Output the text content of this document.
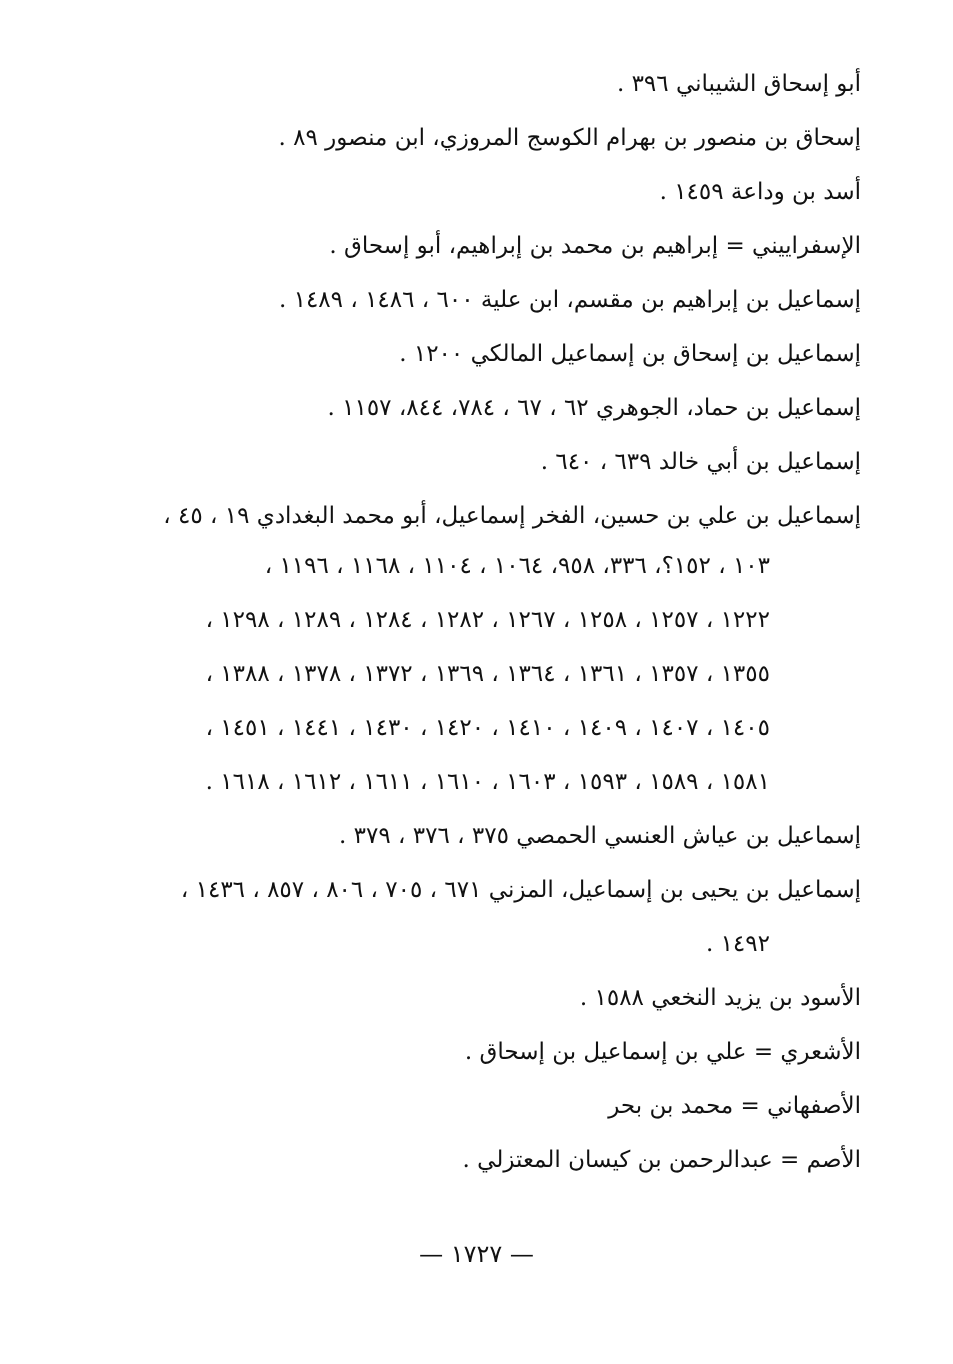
أبو إسحاق الشيباني ٣٩٦ .
إسحاق بن منصور بن بهرام الكوسج المروزي، ابن منصور ٨٩ .
أسد بن وداعة ١٤٥٩ .
الإسفراييني = إبراهيم بن محمد بن إبراهيم، أبو إسحاق .
إسماعيل بن إبراهيم بن مقسم، ابن علية ٦٠٠ ، ١٤٨٦ ، ١٤٨٩ .
إسماعيل بن إسحاق بن إسماعيل المالكي ١٢٠٠ .
إسماعيل بن حماد، الجوهري ٦٢ ، ٦٧ ، ٧٨٤، ٨٤٤، ١١٥٧ .
إسماعيل بن أبي خالد ٦٣٩ ، ٦٤٠ .
إسماعيل بن علي بن حسين، الفخر إسماعيل، أبو محمد البغدادي ١٩ ، ٤٥ ،
١٠٣ ، ١٥٢؟، ٣٣٦، ٩٥٨، ١٠٦٤ ، ١١٠٤ ، ١١٦٨ ، ١١٩٦ ،
١٢٢٢ ، ١٢٥٧ ، ١٢٥٨ ، ١٢٦٧ ، ١٢٨٢ ، ١٢٨٤ ، ١٢٨٩ ، ١٢٩٨ ،
١٣٥٥ ، ١٣٥٧ ، ١٣٦١ ، ١٣٦٤ ، ١٣٦٩ ، ١٣٧٢ ، ١٣٧٨ ، ١٣٨٨ ،
١٤٠٥ ، ١٤٠٧ ، ١٤٠٩ ، ١٤١٠ ، ١٤٢٠ ، ١٤٣٠ ، ١٤٤١ ، ١٤٥١ ،
١٥٨١ ، ١٥٨٩ ، ١٥٩٣ ، ١٦٠٣ ، ١٦١٠ ، ١٦١١ ، ١٦١٢ ، ١٦١٨ .
إسماعيل بن عياش العنسي الحمصي ٣٧٥ ، ٣٧٦ ، ٣٧٩ .
إسماعيل بن يحيى بن إسماعيل، المزني ٦٧١ ، ٧٠٥ ، ٨٠٦ ، ٨٥٧ ، ١٤٣٦ ،
١٤٩٢ .
الأسود بن يزيد النخعي ١٥٨٨ .
الأشعري = علي بن إسماعيل بن إسحاق .
الأصفهاني = محمد بن بحر
الأصم = عبدالرحمن بن كيسان المعتزلي .
— ١٧٢٧ —
